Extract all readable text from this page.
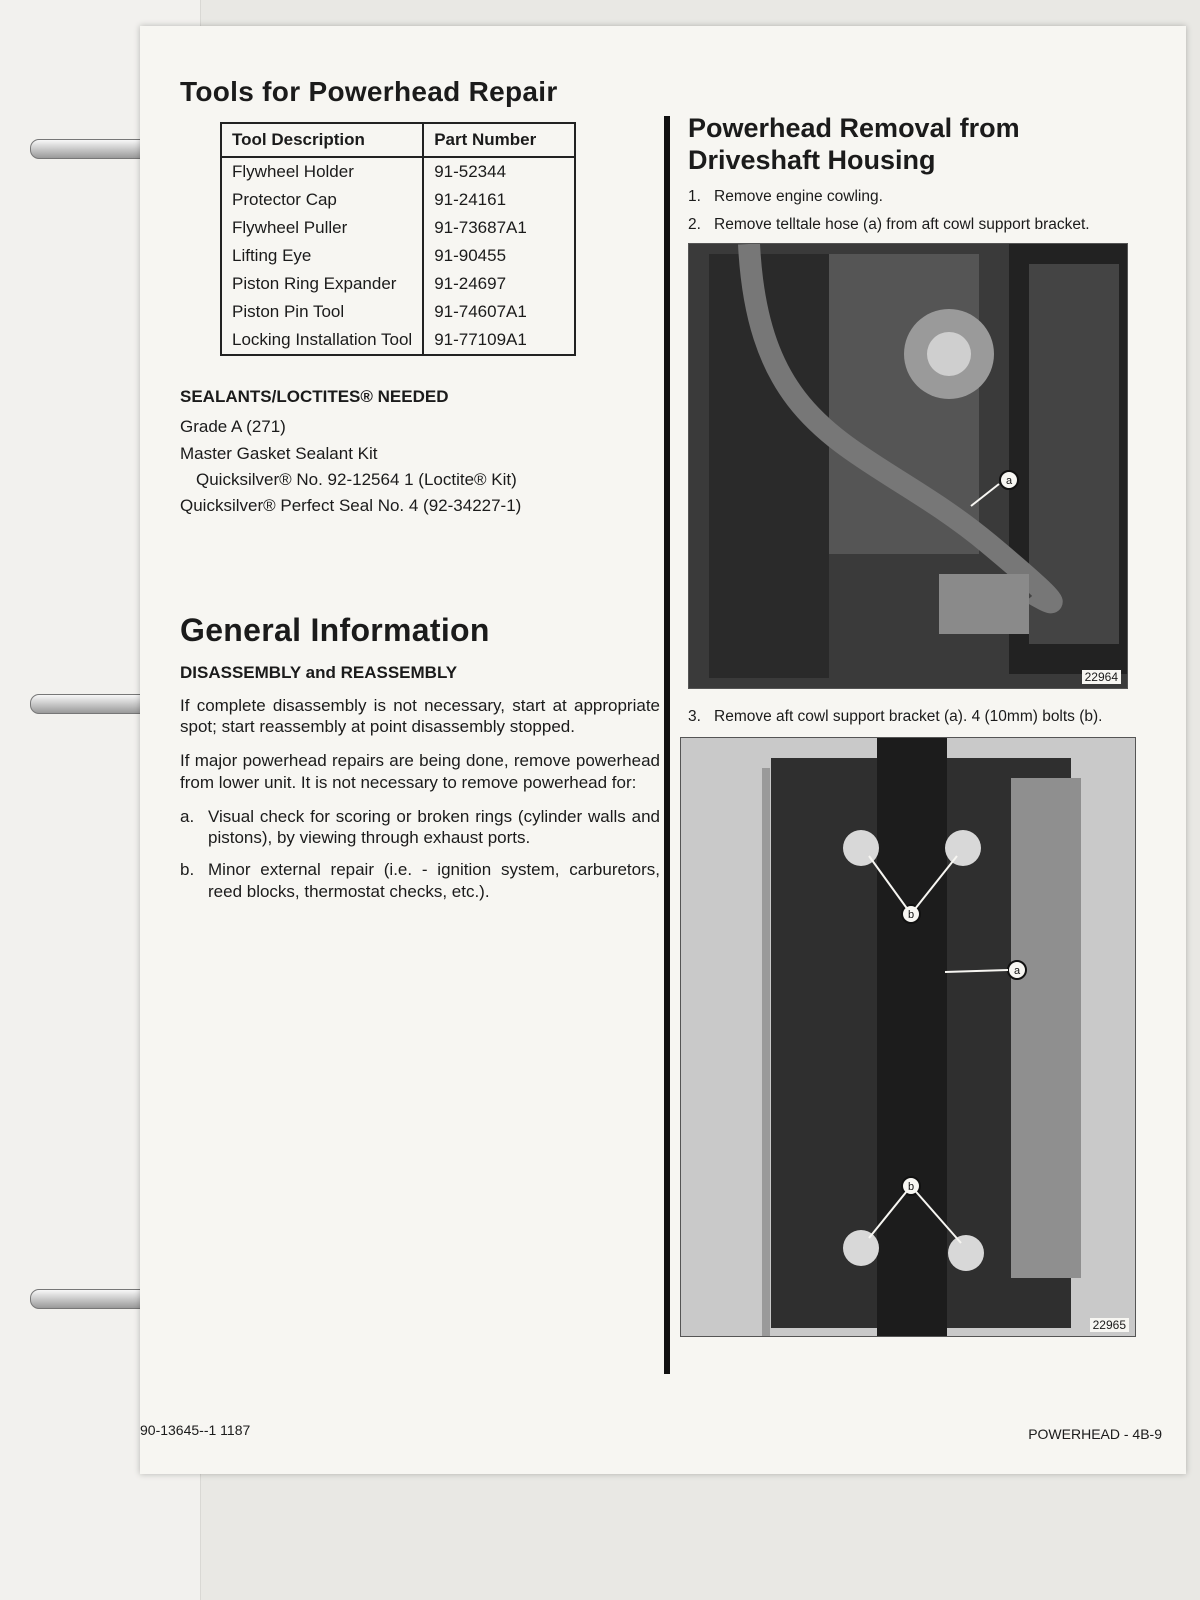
Tools for Powerhead Repair
Tool Description	Part Number
Flywheel Holder	91-52344
Protector Cap	91-24161
Flywheel Puller	91-73687A1
Lifting Eye	91-90455
Piston Ring Expander	91-24697
Piston Pin Tool	91-74607A1
Locking Installation Tool	91-77109A1
SEALANTS/LOCTITES® NEEDED
Grade A (271)
Master Gasket Sealant Kit
Quicksilver® No. 92-12564 1 (Loctite® Kit)
Quicksilver® Perfect Seal No. 4 (92-34227-1)
General Information
DISASSEMBLY and REASSEMBLY
If complete disassembly is not necessary, start at appropriate spot; start reassembly at point disassembly stopped.
If major powerhead repairs are being done, remove powerhead from lower unit. It is not necessary to remove powerhead for:
a. Visual check for scoring or broken rings (cylinder walls and pistons), by viewing through exhaust ports.
b. Minor external repair (i.e. - ignition system, carburetors, reed blocks, thermostat checks, etc.).
Powerhead Removal from
Driveshaft Housing
1. Remove engine cowling.
2. Remove telltale hose (a) from aft cowl support bracket.
a
22964
3. Remove aft cowl support bracket (a). 4 (10mm) bolts (b).
b
a
b
22965
90-13645--1 1187	POWERHEAD - 4B-9
